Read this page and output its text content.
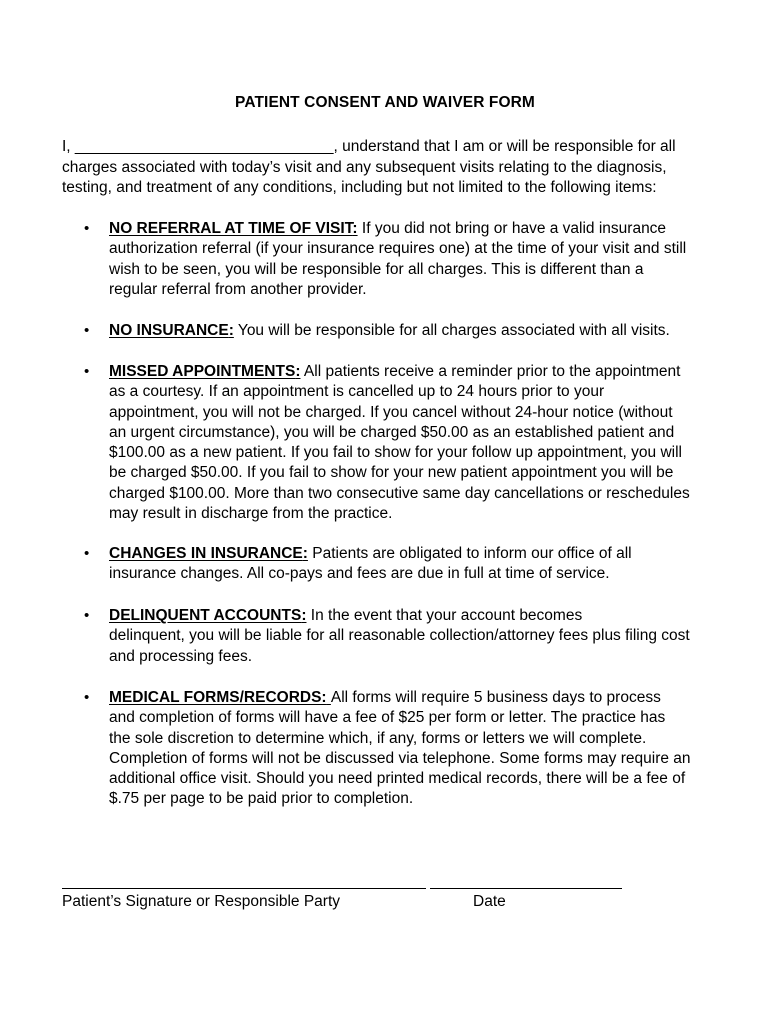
PATIENT CONSENT AND WAIVER FORM
I, ______________________________, understand that I am or will be responsible for all
charges associated with today’s visit and any subsequent visits relating to the diagnosis,
testing, and treatment of any conditions, including but not limited to the following items:
•	NO REFERRAL AT TIME OF VISIT: If you did not bring or have a valid insurance
authorization referral (if your insurance requires one) at the time of your visit and still
wish to be seen, you will be responsible for all charges. This is different than a
regular referral from another provider.
•	NO INSURANCE: You will be responsible for all charges associated with all visits.
•	MISSED APPOINTMENTS: All patients receive a reminder prior to the appointment
as a courtesy. If an appointment is cancelled up to 24 hours prior to your
appointment, you will not be charged. If you cancel without 24-hour notice (without
an urgent circumstance), you will be charged $50.00 as an established patient and
$100.00 as a new patient. If you fail to show for your follow up appointment, you will
be charged $50.00. If you fail to show for your new patient appointment you will be
charged $100.00. More than two consecutive same day cancellations or reschedules
may result in discharge from the practice.
•	CHANGES IN INSURANCE: Patients are obligated to inform our office of all
insurance changes. All co-pays and fees are due in full at time of service.
•	DELINQUENT ACCOUNTS: In the event that your account becomes
delinquent, you will be liable for all reasonable collection/attorney fees plus filing cost
and processing fees.
•	MEDICAL FORMS/RECORDS: All forms will require 5 business days to process
and completion of forms will have a fee of $25 per form or letter. The practice has
the sole discretion to determine which, if any, forms or letters we will complete.
Completion of forms will not be discussed via telephone. Some forms may require an
additional office visit. Should you need printed medical records, there will be a fee of
$.75 per page to be paid prior to completion.
Patient’s Signature or Responsible Party	Date
